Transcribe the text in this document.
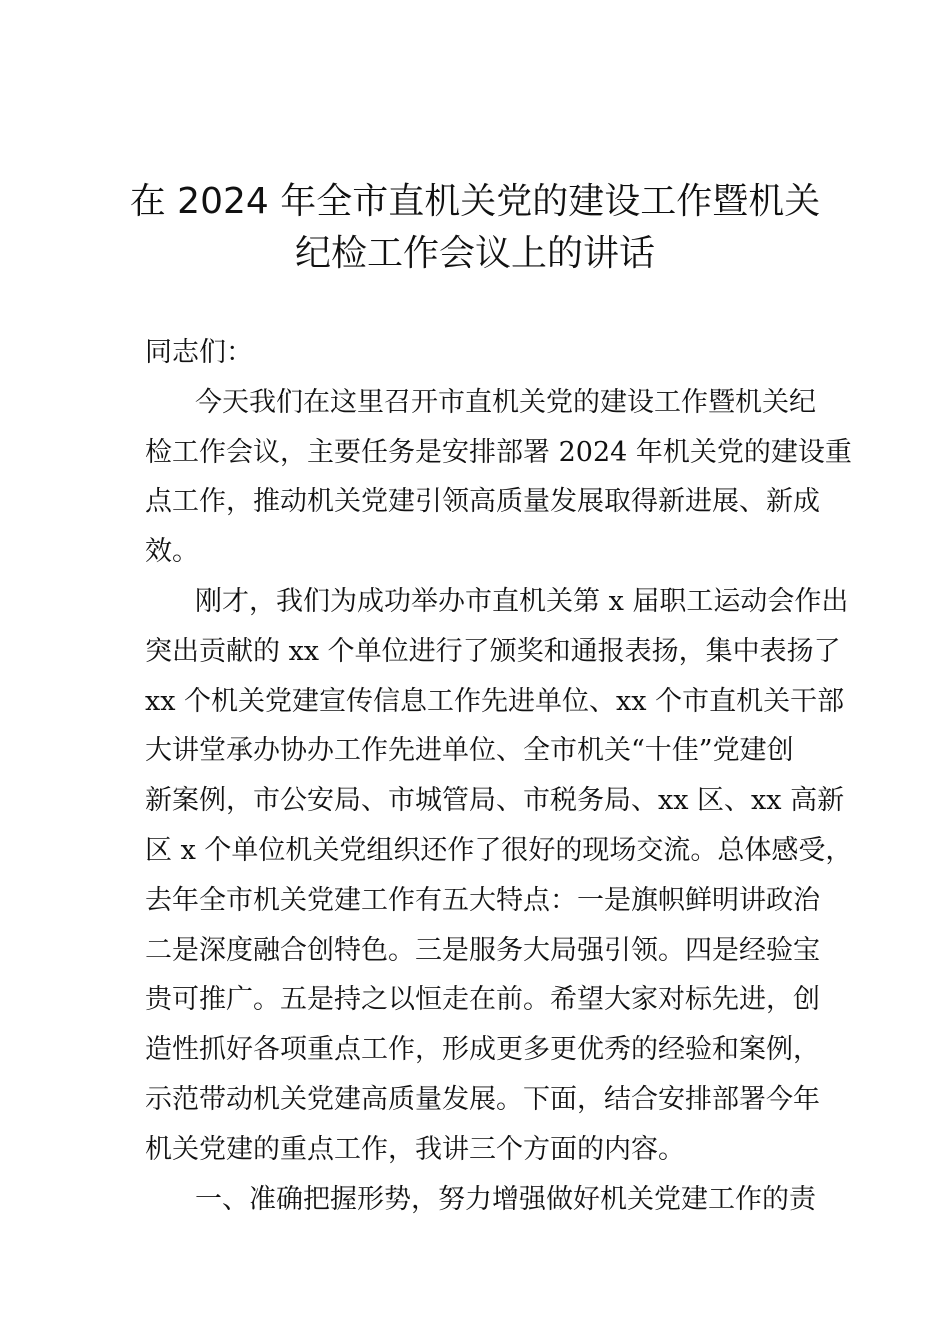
在 2024 年全市直机关党的建设工作暨机关
纪检工作会议上的讲话

同志们：

今天我们在这里召开市直机关党的建设工作暨机关纪
检工作会议，主要任务是安排部署 2024 年机关党的建设重
点工作，推动机关党建引领高质量发展取得新进展、新成
效。

刚才，我们为成功举办市直机关第 x 届职工运动会作出
突出贡献的 xx 个单位进行了颁奖和通报表扬，集中表扬了
xx 个机关党建宣传信息工作先进单位、xx 个市直机关干部
大讲堂承办协办工作先进单位、全市机关“十佳”党建创
新案例，市公安局、市城管局、市税务局、xx 区、xx 高新
区 x 个单位机关党组织还作了很好的现场交流。总体感受，
去年全市机关党建工作有五大特点：一是旗帜鲜明讲政治
二是深度融合创特色。三是服务大局强引领。四是经验宝
贵可推广。五是持之以恒走在前。希望大家对标先进，创
造性抓好各项重点工作，形成更多更优秀的经验和案例，
示范带动机关党建高质量发展。下面，结合安排部署今年
机关党建的重点工作，我讲三个方面的内容。

一、准确把握形势，努力增强做好机关党建工作的责
